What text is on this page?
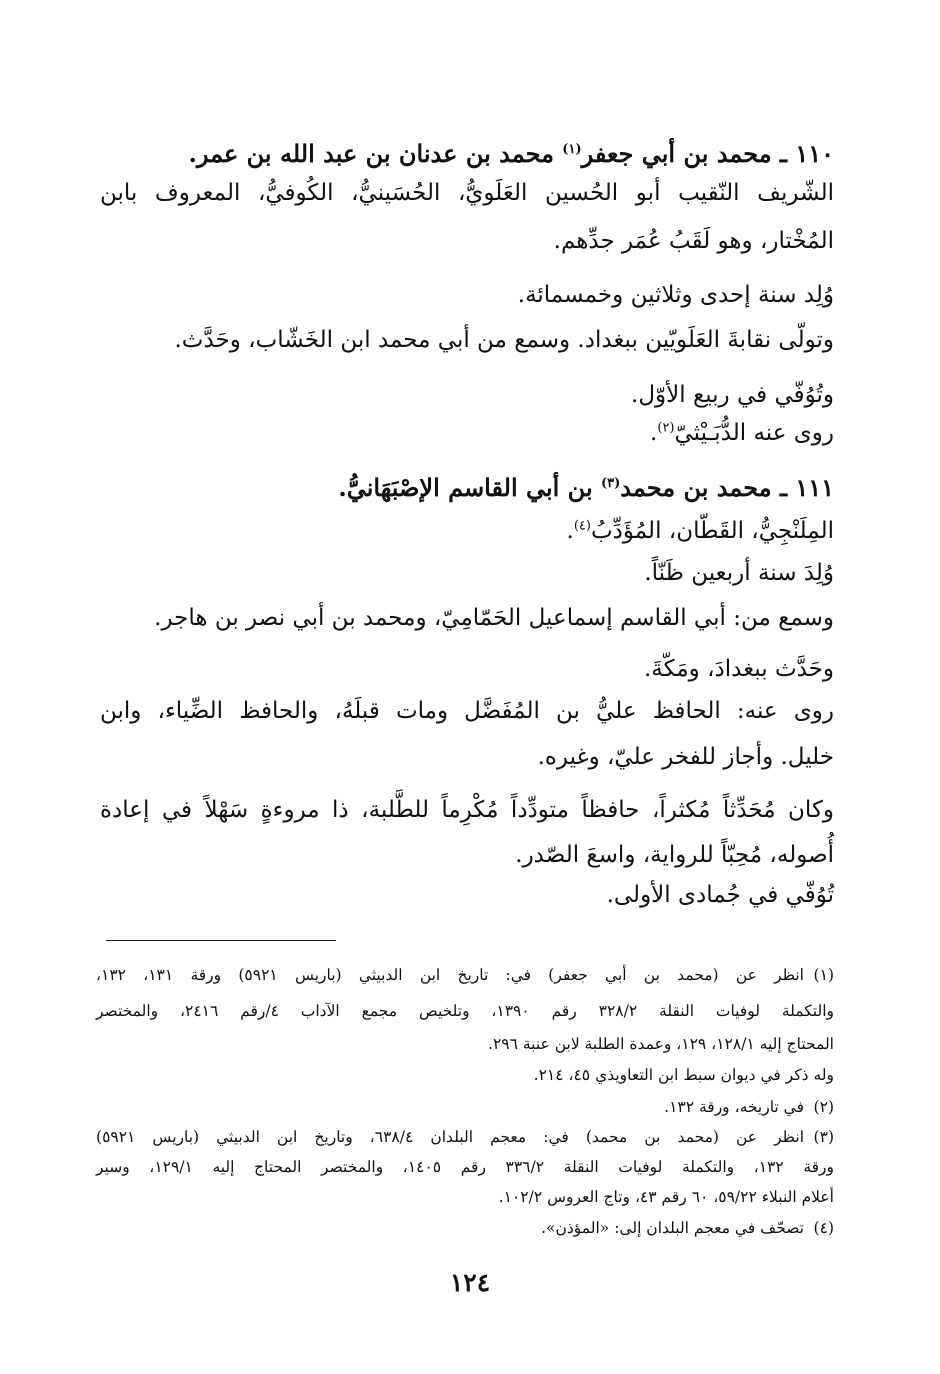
١١٠ ـ محمد بن أبي جعفر$^{(١)}$ محمد بن عدنان بن عبد الله بن عمر.
الشّريف النّقيب أبو الحُسين العَلَويُّ، الحُسَينيُّ، الكُوفيُّ، المعروف بابن
المُخْتار، وهو لَقَبُ عُمَر جدِّهم.
وُلِد سنة إحدى وثلاثين وخمسمائة.
وتولّى نقابةَ العَلَويّين ببغداد. وسمع من أبي محمد ابن الخَشّاب، وحَدَّث.
وتُوُفّي في ربيع الأوّل.
روى عنه الدُّبَـيْثيّ$^{(٢)}$.
١١١ ـ محمد بن محمد$^{(٣)}$ بن أبي القاسم الإصْبَهَانيُّ.
المِلَنْجِيُّ، القَطّان، المُؤَدِّبُ$^{(٤)}$.
وُلِدَ سنة أربعين ظَنّاً.
وسمع من: أبي القاسم إسماعيل الحَمّامِيّ، ومحمد بن أبي نصر بن هاجر.
وحَدَّث ببغدادَ، ومَكّةَ.
روى عنه: الحافظ عليُّ بن المُفَضَّل ومات قبلَهُ، والحافظ الضِّياء، وابن
خليل. وأجاز للفخر عليّ، وغيره.
وكان مُحَدِّثاً مُكثراً، حافظاً متودِّداً مُكْرِماً للطَّلبة، ذا مروءةٍ سَهْلاً في إعادة
أُصوله، مُحِبّاً للرواية، واسعَ الصّدر.
تُوُفّي في جُمادى الأولى.
(١)
انظر عن (محمد بن أبي جعفر) في: تاريخ ابن الدبيثي (باريس ٥٩٢١) ورقة ١٣١، ١٣٢،
والتكملة لوفيات النقلة ٣٢٨/٢ رقم ١٣٩٠، وتلخيص مجمع الآداب ٤/رقم ٢٤١٦، والمختصر
المحتاج إليه ١٢٨/١، ١٢٩، وعمدة الطلبة لابن عنبة ٢٩٦.
وله ذكر في ديوان سبط ابن التعاويذي ٤٥، ٢١٤.
(٢)
في تاريخه، ورقة ١٣٢.
(٣)
انظر عن (محمد بن محمد) في: معجم البلدان ٦٣٨/٤، وتاريخ ابن الدبيثي (باريس ٥٩٢١)
ورقة ١٣٢، والتكملة لوفيات النقلة ٣٣٦/٢ رقم ١٤٠٥، والمختصر المحتاج إليه ١٢٩/١، وسير
أعلام النبلاء ٥٩/٢٢، ٦٠ رقم ٤٣، وتاج العروس ١٠٢/٢.
(٤)
تصحّف في معجم البلدان إلى: «المؤذن».
١٢٤
